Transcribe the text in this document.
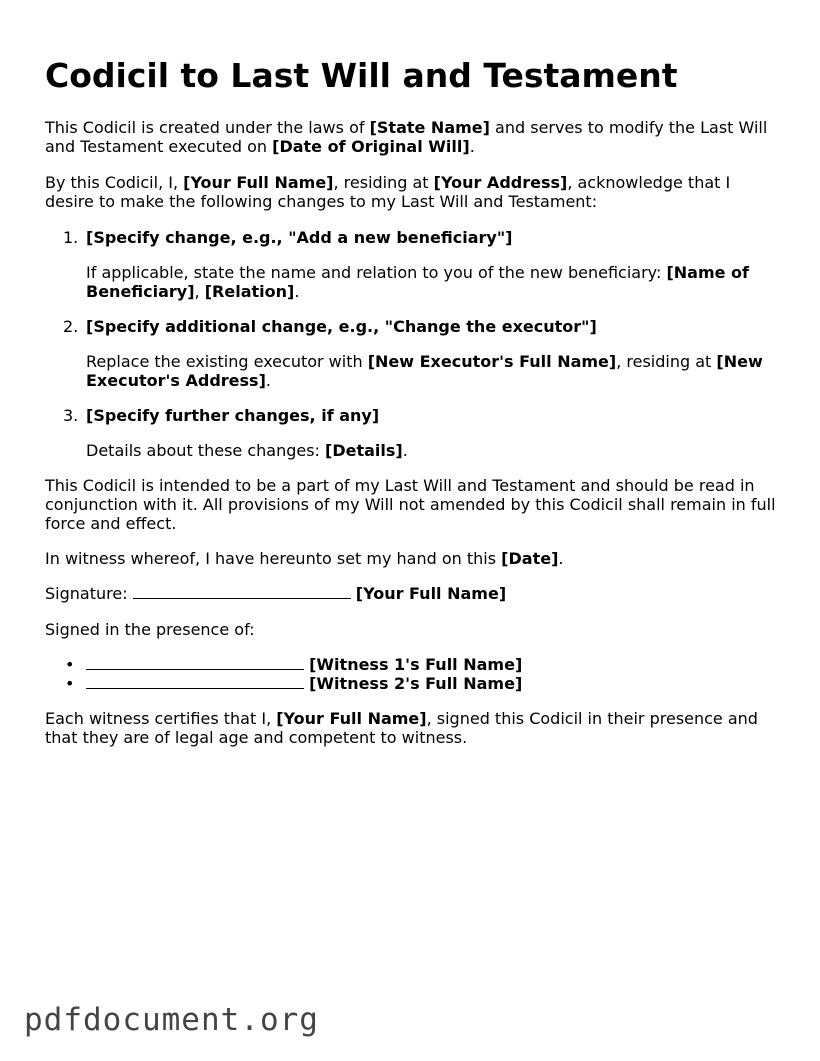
Codicil to Last Will and Testament

This Codicil is created under the laws of [State Name] and serves to modify the Last Will and Testament executed on [Date of Original Will].

By this Codicil, I, [Your Full Name], residing at [Your Address], acknowledge that I desire to make the following changes to my Last Will and Testament:

1. [Specify change, e.g., "Add a new beneficiary"]

If applicable, state the name and relation to you of the new beneficiary: [Name of Beneficiary], [Relation].

2. [Specify additional change, e.g., "Change the executor"]

Replace the existing executor with [New Executor's Full Name], residing at [New Executor's Address].

3. [Specify further changes, if any]

Details about these changes: [Details].

This Codicil is intended to be a part of my Last Will and Testament and should be read in conjunction with it. All provisions of my Will not amended by this Codicil shall remain in full force and effect.

In witness whereof, I have hereunto set my hand on this [Date].

Signature:	[Your Full Name]

Signed in the presence of:

•	[Witness 1's Full Name]

•	[Witness 2's Full Name]

Each witness certifies that I, [Your Full Name], signed this Codicil in their presence and that they are of legal age and competent to witness.

pdfdocument.org
